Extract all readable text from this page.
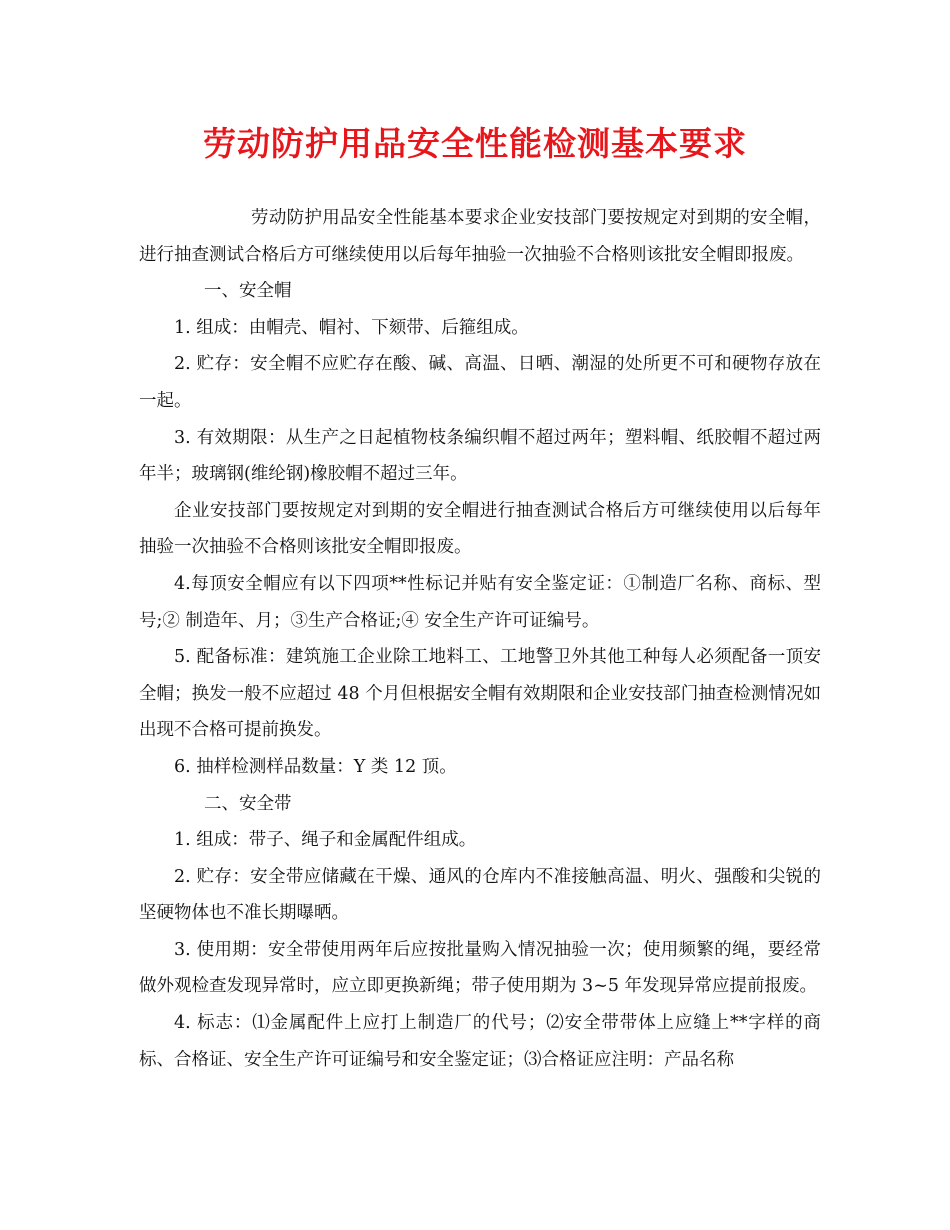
劳动防护用品安全性能检测基本要求

劳动防护用品安全性能基本要求企业安技部门要按规定对到期的安全帽，进行抽查测试合格后方可继续使用以后每年抽验一次抽验不合格则该批安全帽即报废。

一、安全帽

1. 组成：由帽壳、帽衬、下颏带、后箍组成。

2. 贮存：安全帽不应贮存在酸、碱、高温、日晒、潮湿的处所更不可和硬物存放在一起。

3. 有效期限：从生产之日起植物枝条编织帽不超过两年；塑料帽、纸胶帽不超过两年半；玻璃钢(维纶钢)橡胶帽不超过三年。

企业安技部门要按规定对到期的安全帽进行抽查测试合格后方可继续使用以后每年抽验一次抽验不合格则该批安全帽即报废。

4.每顶安全帽应有以下四项**性标记并贴有安全鉴定证：①制造厂名称、商标、型号;② 制造年、月；③生产合格证;④ 安全生产许可证编号。

5. 配备标准：建筑施工企业除工地料工、工地警卫外其他工种每人必须配备一顶安全帽；换发一般不应超过 48 个月但根据安全帽有效期限和企业安技部门抽查检测情况如出现不合格可提前换发。

6. 抽样检测样品数量：Y 类 12 顶。

二、安全带

1. 组成：带子、绳子和金属配件组成。

2. 贮存：安全带应储藏在干燥、通风的仓库内不准接触高温、明火、强酸和尖锐的坚硬物体也不准长期曝晒。

3. 使用期：安全带使用两年后应按批量购入情况抽验一次；使用频繁的绳，要经常做外观检查发现异常时，应立即更换新绳；带子使用期为 3~5 年发现异常应提前报废。

4. 标志：⑴金属配件上应打上制造厂的代号；⑵安全带带体上应缝上**字样的商标、合格证、安全生产许可证编号和安全鉴定证；⑶合格证应注明：产品名称
